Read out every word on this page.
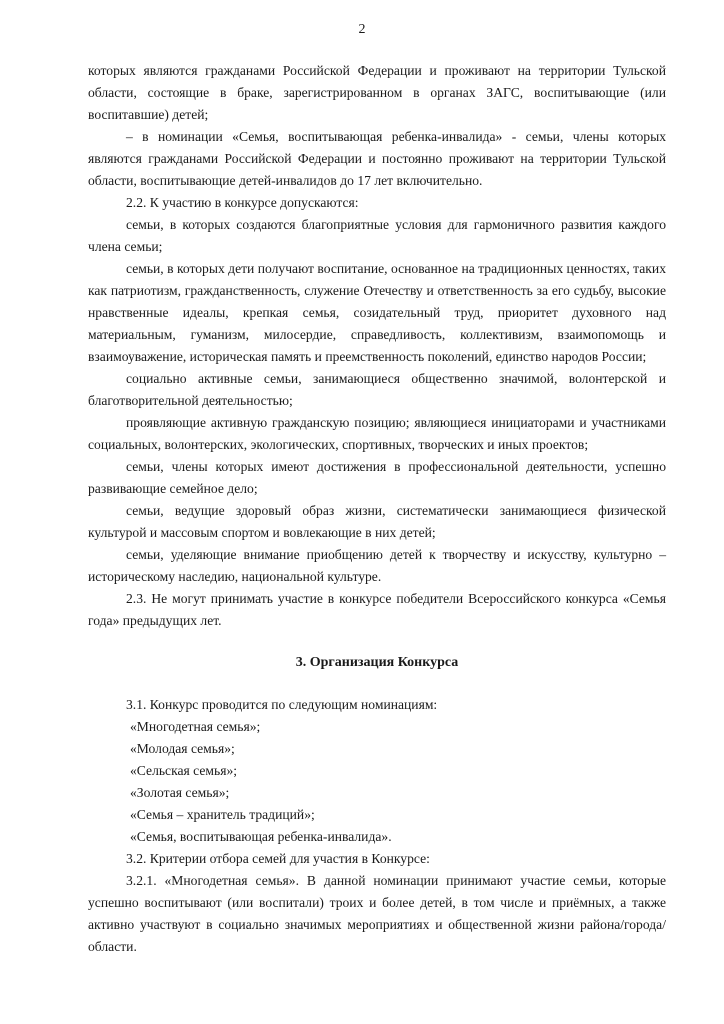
2

которых являются гражданами Российской Федерации и проживают на территории Тульской области, состоящие в браке, зарегистрированном в органах ЗАГС, воспитывающие (или воспитавшие) детей;

– в номинации «Семья, воспитывающая ребенка-инвалида» - семьи, члены которых являются гражданами Российской Федерации и постоянно проживают на территории Тульской области, воспитывающие детей-инвалидов до 17 лет включительно.

2.2. К участию в конкурсе допускаются:

семьи, в которых создаются благоприятные условия для гармоничного развития каждого члена семьи;

семьи, в которых дети получают воспитание, основанное на традиционных ценностях, таких как патриотизм, гражданственность, служение Отечеству и ответственность за его судьбу, высокие нравственные идеалы, крепкая семья, созидательный труд, приоритет духовного над материальным, гуманизм, милосердие, справедливость, коллективизм, взаимопомощь и взаимоуважение, историческая память и преемственность поколений, единство народов России;

социально активные семьи, занимающиеся общественно значимой, волонтерской и благотворительной деятельностью;

проявляющие активную гражданскую позицию; являющиеся инициаторами и участниками социальных, волонтерских, экологических, спортивных, творческих и иных проектов;

семьи, члены которых имеют достижения в профессиональной деятельности, успешно развивающие семейное дело;

семьи, ведущие здоровый образ жизни, систематически занимающиеся физической культурой и массовым спортом и вовлекающие в них детей;

семьи, уделяющие внимание приобщению детей к творчеству и искусству, культурно – историческому наследию, национальной культуре.

2.3. Не могут принимать участие в конкурсе победители Всероссийского конкурса «Семья года» предыдущих лет.

3. Организация Конкурса

3.1. Конкурс проводится по следующим номинациям:

«Многодетная семья»;

«Молодая семья»;

«Сельская семья»;

«Золотая семья»;

«Семья – хранитель традиций»;

«Семья, воспитывающая ребенка-инвалида».

3.2. Критерии отбора семей для участия в Конкурсе:

3.2.1. «Многодетная семья». В данной номинации принимают участие семьи, которые успешно воспитывают (или воспитали) троих и более детей, в том числе и приёмных, а также активно участвуют в социально значимых мероприятиях и общественной жизни района/города/области.
